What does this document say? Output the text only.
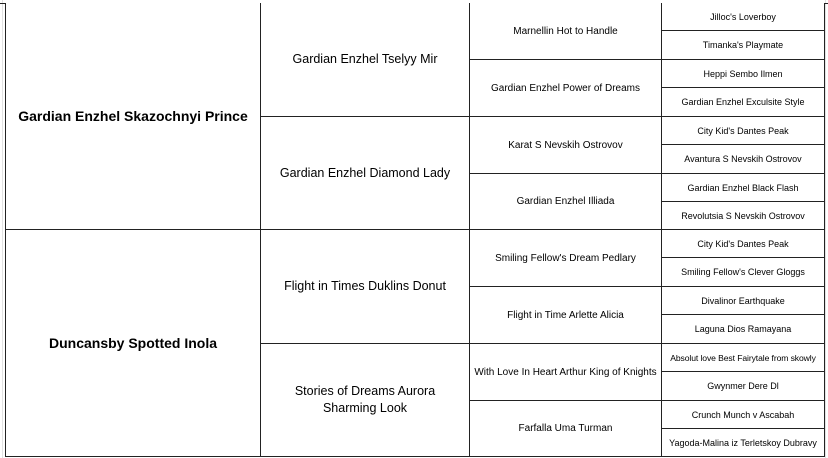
Gardian Enzhel Skazochnyi Prince
Duncansby Spotted Inola
Gardian Enzhel Tselyy Mir
Gardian Enzhel Diamond Lady
Flight in Times Duklins Donut
Stories of Dreams Aurora Sharming Look
Marnellin Hot to Handle
Gardian Enzhel Power of Dreams
Karat S Nevskih Ostrovov
Gardian Enzhel Illiada
Smiling Fellow's Dream Pedlary
Flight in Time Arlette Alicia
With Love In Heart Arthur King of Knights
Farfalla Uma Turman
Jilloc's Loverboy
Timanka's Playmate
Heppi Sembo Ilmen
Gardian Enzhel Exculsite Style
City Kid's Dantes Peak
Avantura S Nevskih Ostrovov
Gardian Enzhel Black Flash
Revolutsia S Nevskih Ostrovov
City Kid's Dantes Peak
Smiling Fellow's Clever Gloggs
Divalinor Earthquake
Laguna Dios Ramayana
Absolut love Best Fairytale from skowly
Gwynmer Dere Dl
Crunch Munch v Ascabah
Yagoda-Malina iz Terletskoy Dubravy
